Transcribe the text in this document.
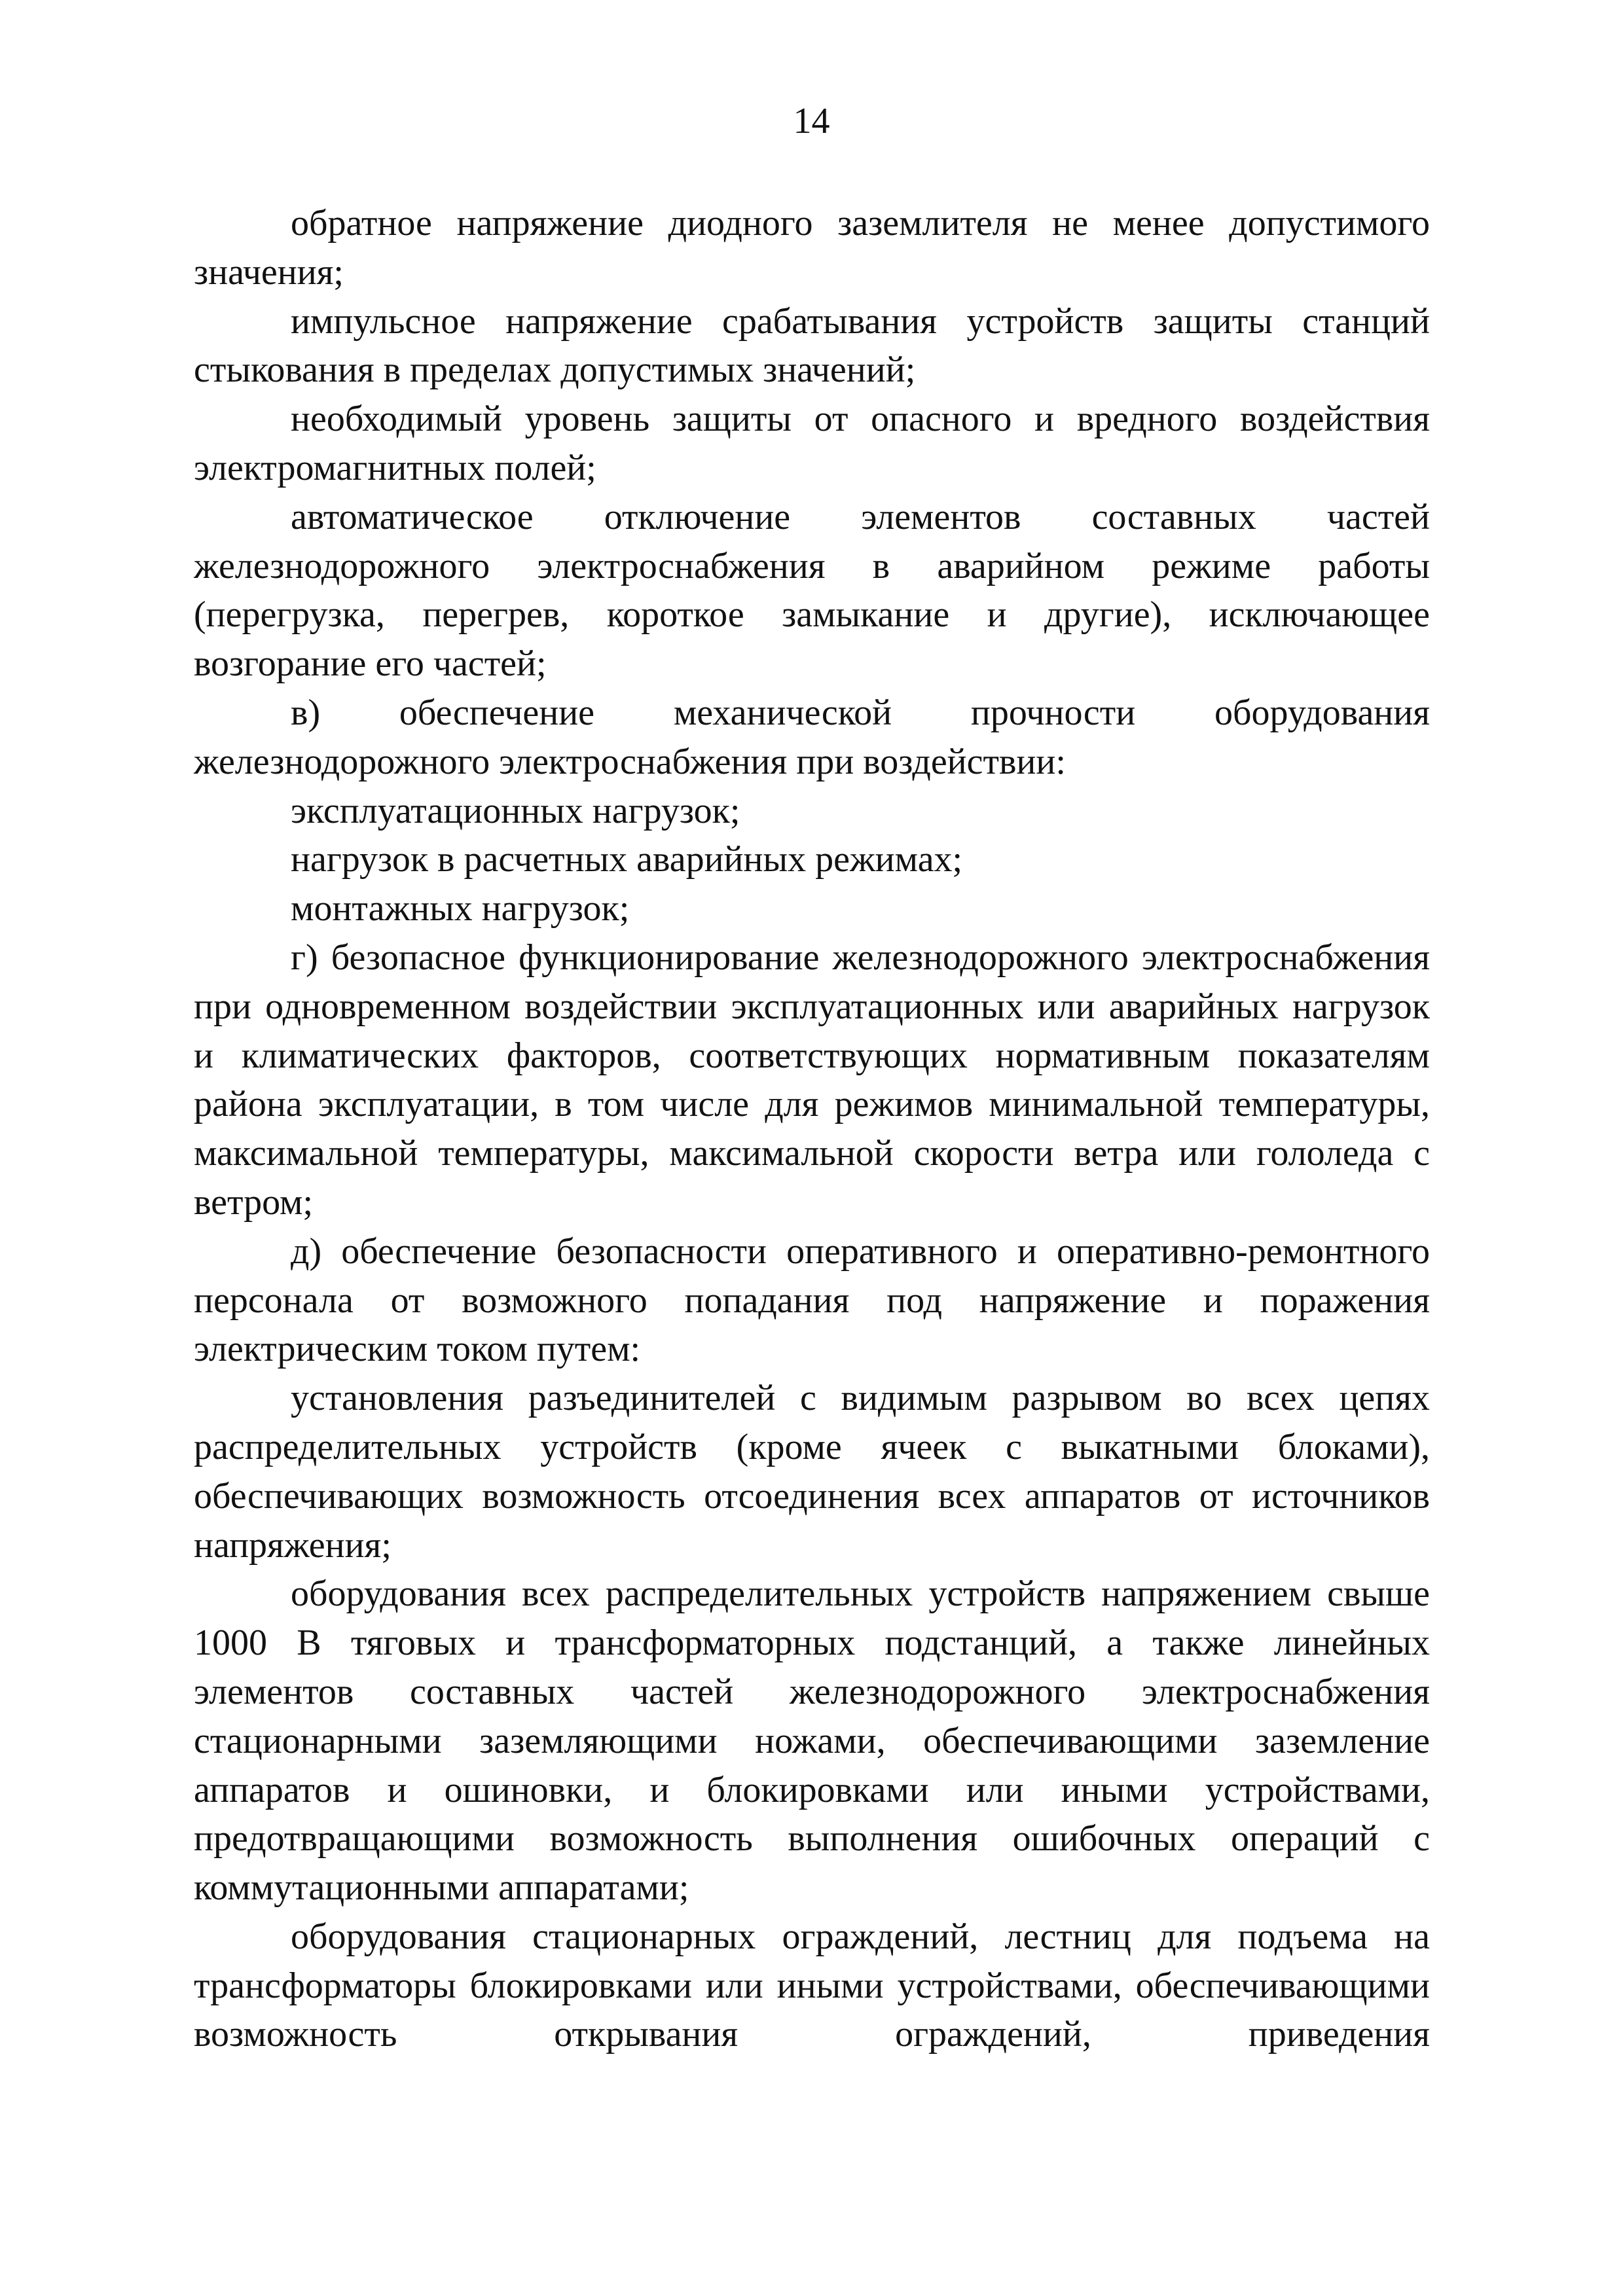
14

обратное напряжение диодного заземлителя не менее допустимого значения;

импульсное напряжение срабатывания устройств защиты станций стыкования в пределах допустимых значений;

необходимый уровень защиты от опасного и вредного воздействия электромагнитных полей;

автоматическое отключение элементов составных частей железнодорожного электроснабжения в аварийном режиме работы (перегрузка, перегрев, короткое замыкание и другие), исключающее возгорание его частей;

в) обеспечение механической прочности оборудования железнодорожного электроснабжения при воздействии:

эксплуатационных нагрузок;

нагрузок в расчетных аварийных режимах;

монтажных нагрузок;

г) безопасное функционирование железнодорожного электроснабжения при одновременном воздействии эксплуатационных или аварийных нагрузок и климатических факторов, соответствующих нормативным показателям района эксплуатации, в том числе для режимов минимальной температуры, максимальной температуры, максимальной скорости ветра или гололеда с ветром;

д) обеспечение безопасности оперативного и оперативно-ремонтного персонала от возможного попадания под напряжение и поражения электрическим током путем:

установления разъединителей с видимым разрывом во всех цепях распределительных устройств (кроме ячеек с выкатными блоками), обеспечивающих возможность отсоединения всех аппаратов от источников напряжения;

оборудования всех распределительных устройств напряжением свыше 1000 В тяговых и трансформаторных подстанций, а также линейных элементов составных частей железнодорожного электроснабжения стационарными заземляющими ножами, обеспечивающими заземление аппаратов и ошиновки, и блокировками или иными устройствами, предотвращающими возможность выполнения ошибочных операций с коммутационными аппаратами;

оборудования стационарных ограждений, лестниц для подъема на трансформаторы блокировками или иными устройствами, обеспечивающими возможность открывания ограждений, приведения
